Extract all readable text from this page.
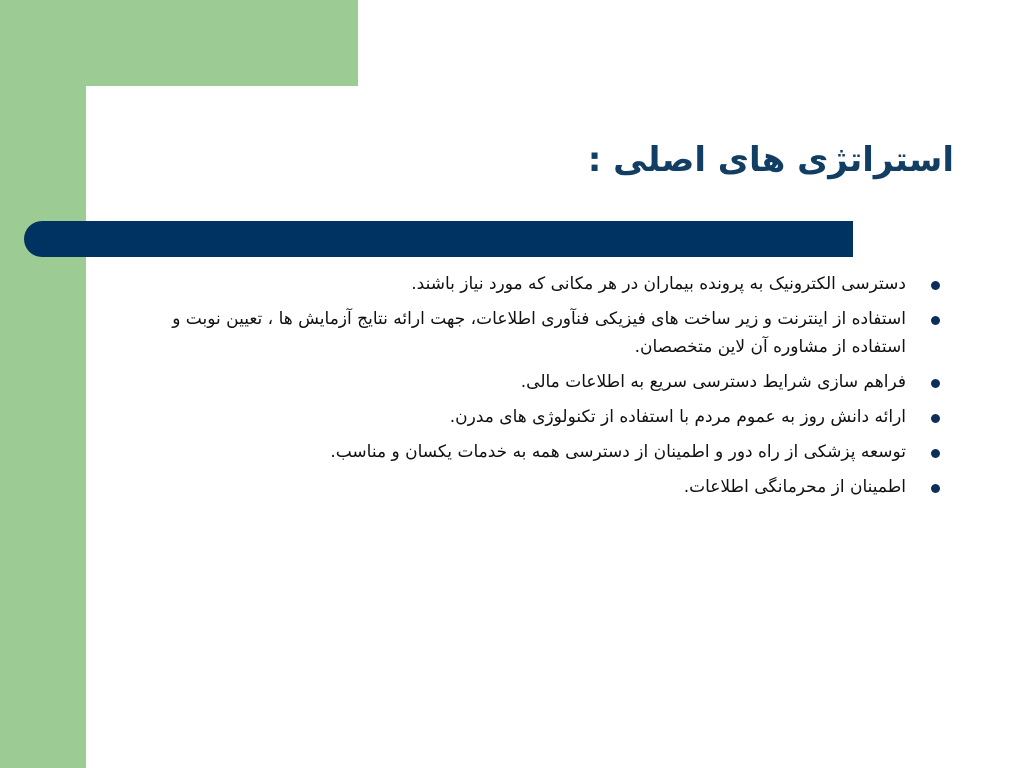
استراتژی های اصلی :
دسترسی الکترونیک به پرونده بیماران در هر مکانی که مورد نیاز باشند.
استفاده از اینترنت و زیر ساخت های فیزیکی فنآوری اطلاعات، جهت ارائه نتایج آزمایش ها ، تعیین نوبت و استفاده از مشاوره آن لاین متخصصان.
فراهم سازی شرایط دسترسی سریع به اطلاعات مالی.
ارائه دانش روز به عموم مردم با استفاده از تکنولوژی های مدرن.
توسعه پزشکی از راه دور و اطمینان از دسترسی همه به خدمات یکسان و مناسب.
اطمینان از محرمانگی اطلاعات.
